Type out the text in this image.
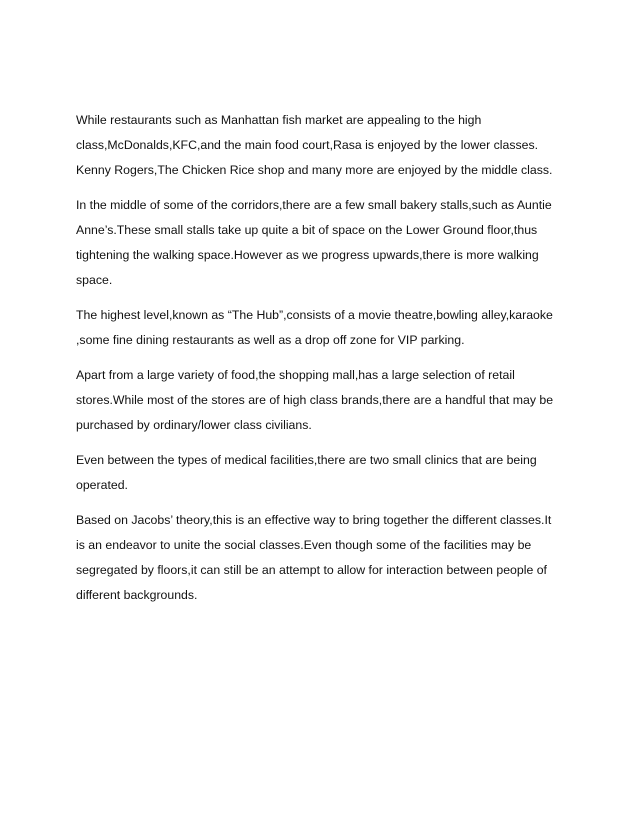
While restaurants such as Manhattan fish market are appealing to the high
class,McDonalds,KFC,and the main food court,Rasa is enjoyed by the lower classes.
Kenny Rogers,The Chicken Rice shop and many more are enjoyed by the middle class.

In the middle of some of the corridors,there are a few small bakery stalls,such as Auntie
Anne’s.These small stalls take up quite a bit of space on the Lower Ground floor,thus
tightening the walking space.However as we progress upwards,there is more walking
space.

The highest level,known as “The Hub”,consists of a movie theatre,bowling alley,karaoke
,some fine dining restaurants as well as a drop off zone for VIP parking.

Apart from a large variety of food,the shopping mall,has a large selection of retail
stores.While most of the stores are of high class brands,there are a handful that may be
purchased by ordinary/lower class civilians.

Even between the types of medical facilities,there are two small clinics that are being
operated.

Based on Jacobs’ theory,this is an effective way to bring together the different classes.It
is an endeavor to unite the social classes.Even though some of the facilities may be
segregated by floors,it can still be an attempt to allow for interaction between people of
different backgrounds.
